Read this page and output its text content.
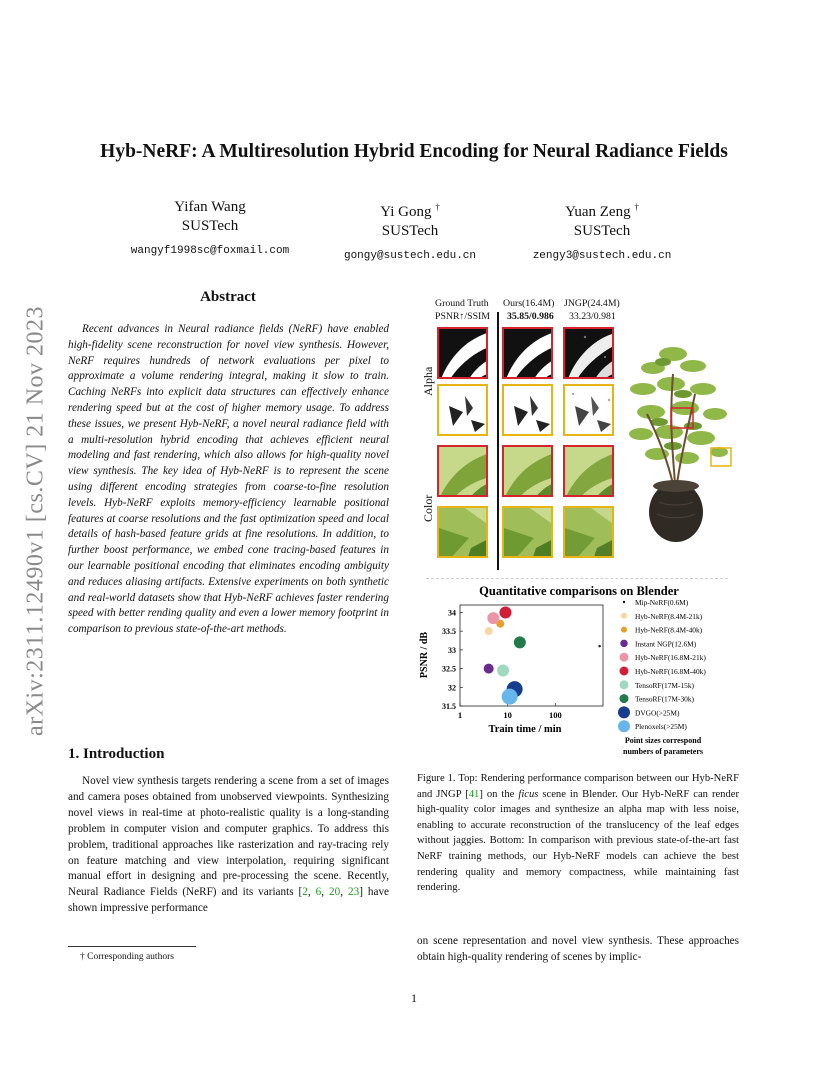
Hyb-NeRF: A Multiresolution Hybrid Encoding for Neural Radiance Fields
Yifan Wang
SUSTech
wangyf1998sc@foxmail.com
Yi Gong †
SUSTech
gongy@sustech.edu.cn
Yuan Zeng †
SUSTech
zengy3@sustech.edu.cn
arXiv:2311.12490v1 [cs.CV] 21 Nov 2023
Abstract
Recent advances in Neural radiance fields (NeRF) have enabled high-fidelity scene reconstruction for novel view synthesis. However, NeRF requires hundreds of network evaluations per pixel to approximate a volume rendering integral, making it slow to train. Caching NeRFs into explicit data structures can effectively enhance rendering speed but at the cost of higher memory usage. To address these issues, we present Hyb-NeRF, a novel neural radiance field with a multi-resolution hybrid encoding that achieves efficient neural modeling and fast rendering, which also allows for high-quality novel view synthesis. The key idea of Hyb-NeRF is to represent the scene using different encoding strategies from coarse-to-fine resolution levels. Hyb-NeRF exploits memory-efficiency learnable positional features at coarse resolutions and the fast optimization speed and local details of hash-based feature grids at fine resolutions. In addition, to further boost performance, we embed cone tracing-based features in our learnable positional encoding that eliminates encoding ambiguity and reduces aliasing artifacts. Extensive experiments on both synthetic and real-world datasets show that Hyb-NeRF achieves faster rendering speed with better rending quality and even a lower memory footprint in comparison to previous state-of-the-art methods.
1. Introduction
Novel view synthesis targets rendering a scene from a set of images and camera poses obtained from unobserved viewpoints. Synthesizing novel views in real-time at photo-realistic quality is a long-standing problem in computer vision and computer graphics. To address this problem, traditional approaches like rasterization and ray-tracing rely on feature matching and view interpolation, requiring significant manual effort in designing and pre-processing the scene. Recently, Neural Radiance Fields (NeRF) and its variants [2, 6, 20, 23] have shown impressive performance
† Corresponding authors
1
Ground Truth Ours(16.4M) JNGP(24.4M)
PSNR↑/SSIM 35.85/0.986 33.23/0.981
Alpha
Color
Quantitative comparisons on Blender
34
33.5
33
32.5
32
31.5
1	10	100
Train time / min
PSNR / dB
Mip-NeRF(0.6M)
Hyb-NeRF(8.4M-21k)
Hyb-NeRF(8.4M-40k)
Instant NGP(12.6M)
Hyb-NeRF(16.8M-21k)
Hyb-NeRF(16.8M-40k)
TensoRF(17M-15k)
TensoRF(17M-30k)
DVGO(>25M)
Plenoxels(>25M)
Point sizes correspond
numbers of parameters
Figure 1. Top: Rendering performance comparison between our Hyb-NeRF and JNGP [41] on the ficus scene in Blender. Our Hyb-NeRF can render high-quality color images and synthesize an alpha map with less noise, enabling to accurate reconstruction of the translucency of the leaf edges without jaggies. Bottom: In comparison with previous state-of-the-art fast NeRF training methods, our Hyb-NeRF models can achieve the best rendering quality and memory compactness, while maintaining fast rendering.
on scene representation and novel view synthesis. These approaches obtain high-quality rendering of scenes by implic-
